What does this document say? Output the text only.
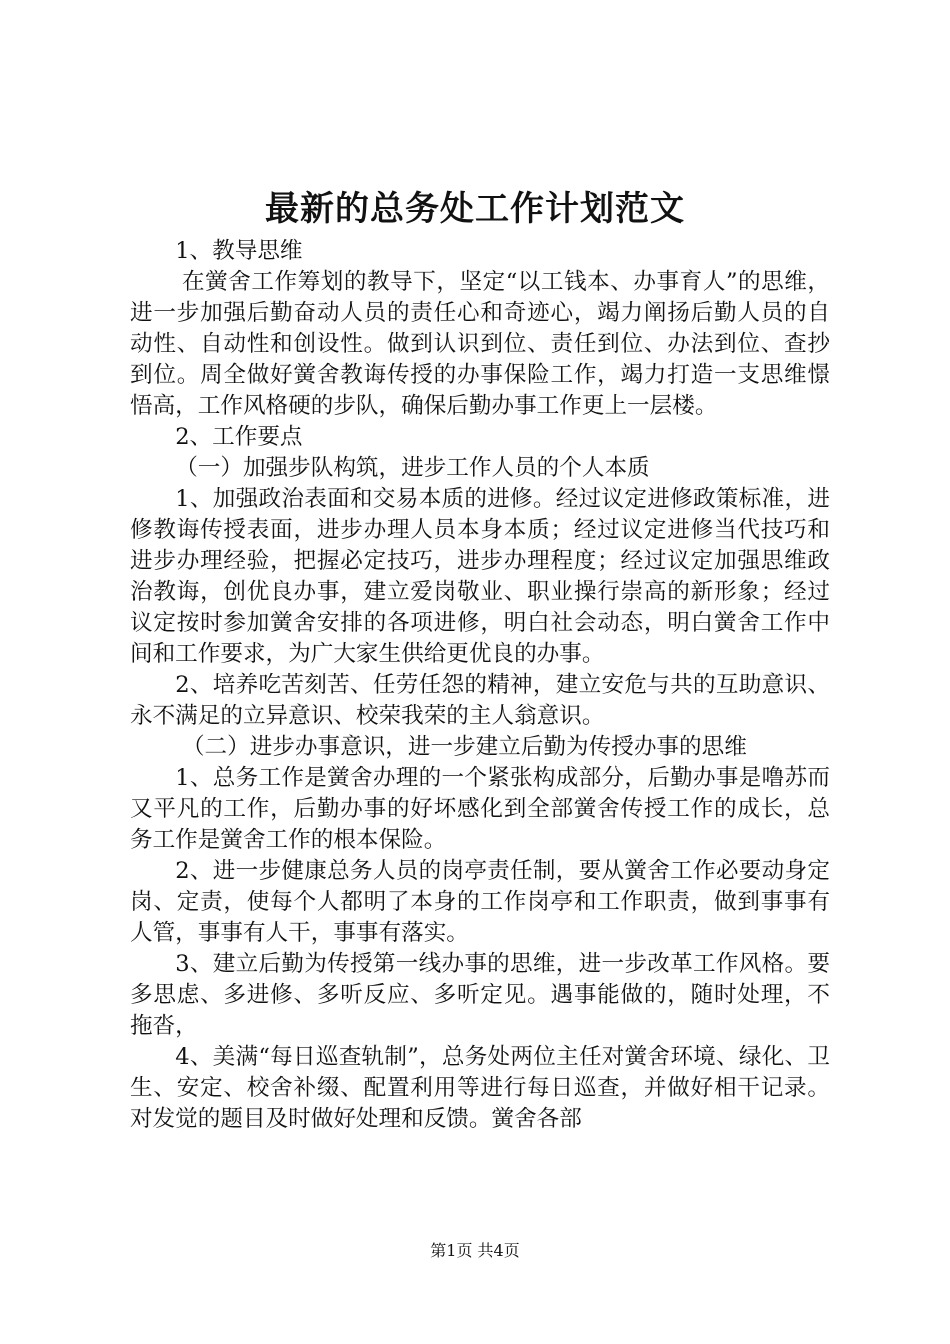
最新的总务处工作计划范文

1、教导思维

在黉舍工作筹划的教导下，坚定“以工钱本、办事育人”的思维，进一步加强后勤奋动人员的责任心和奇迹心，竭力阐扬后勤人员的自动性、自动性和创设性。做到认识到位、责任到位、办法到位、查抄到位。周全做好黉舍教诲传授的办事保险工作，竭力打造一支思维憬悟高，工作风格硬的步队，确保后勤办事工作更上一层楼。

2、工作要点

（一）加强步队构筑，进步工作人员的个人本质

1、加强政治表面和交易本质的进修。经过议定进修政策标准，进修教诲传授表面，进步办理人员本身本质；经过议定进修当代技巧和进步办理经验，把握必定技巧，进步办理程度；经过议定加强思维政治教诲，创优良办事，建立爱岗敬业、职业操行崇高的新形象；经过议定按时参加黉舍安排的各项进修，明白社会动态，明白黉舍工作中间和工作要求，为广大家生供给更优良的办事。

2、培养吃苦刻苦、任劳任怨的精神，建立安危与共的互助意识、永不满足的立异意识、校荣我荣的主人翁意识。

（二）进步办事意识，进一步建立后勤为传授办事的思维

1、总务工作是黉舍办理的一个紧张构成部分，后勤办事是噜苏而又平凡的工作，后勤办事的好坏感化到全部黉舍传授工作的成长，总务工作是黉舍工作的根本保险。

2、进一步健康总务人员的岗亭责任制，要从黉舍工作必要动身定岗、定责，使每个人都明了本身的工作岗亭和工作职责，做到事事有人管，事事有人干，事事有落实。

3、建立后勤为传授第一线办事的思维，进一步改革工作风格。要多思虑、多进修、多听反应、多听定见。遇事能做的，随时处理，不拖沓，

4、美满“每日巡查轨制”，总务处两位主任对黉舍环境、绿化、卫生、安定、校舍补缀、配置利用等进行每日巡查，并做好相干记录。对发觉的题目及时做好处理和反馈。黉舍各部

第1页 共4页
